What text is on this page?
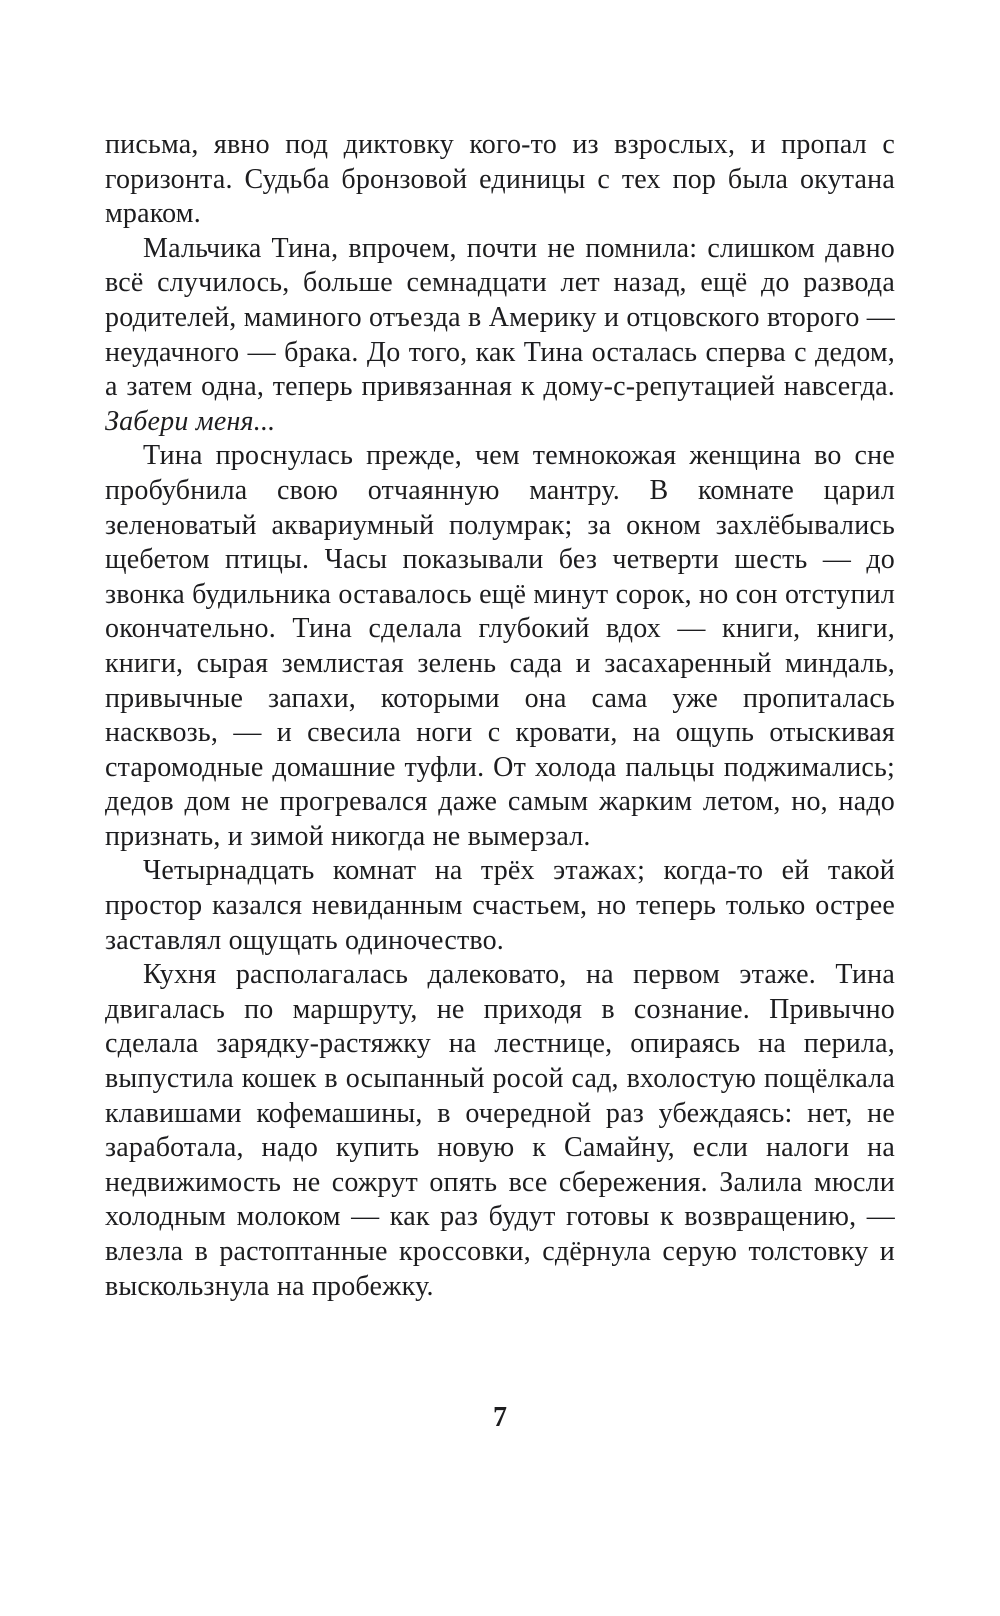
письма, явно под диктовку кого-то из взрослых, и пропал с горизонта. Судьба бронзовой единицы с тех пор была окутана мраком.

Мальчика Тина, впрочем, почти не помнила: слишком давно всё случилось, больше семнадцати лет назад, ещё до развода родителей, маминого отъезда в Америку и отцовского второго — неудачного — брака. До того, как Тина осталась сперва с дедом, а затем одна, теперь привязанная к дому-с-репутацией навсегда. Забери меня...

Тина проснулась прежде, чем темнокожая женщина во сне пробубнила свою отчаянную мантру. В комнате царил зеленоватый аквариумный полумрак; за окном захлёбывались щебетом птицы. Часы показывали без четверти шесть — до звонка будильника оставалось ещё минут сорок, но сон отступил окончательно. Тина сделала глубокий вдох — книги, книги, книги, сырая землистая зелень сада и засахаренный миндаль, привычные запахи, которыми она сама уже пропиталась насквозь, — и свесила ноги с кровати, на ощупь отыскивая старомодные домашние туфли. От холода пальцы поджимались; дедов дом не прогревался даже самым жарким летом, но, надо признать, и зимой никогда не вымерзал.

Четырнадцать комнат на трёх этажах; когда-то ей такой простор казался невиданным счастьем, но теперь только острее заставлял ощущать одиночество.

Кухня располагалась далековато, на первом этаже. Тина двигалась по маршруту, не приходя в сознание. Привычно сделала зарядку-растяжку на лестнице, опираясь на перила, выпустила кошек в осыпанный росой сад, вхолостую пощёлкала клавишами кофемашины, в очередной раз убеждаясь: нет, не заработала, надо купить новую к Самайну, если налоги на недвижимость не сожрут опять все сбережения. Залила мюсли холодным молоком — как раз будут готовы к возвращению, — влезла в растоптанные кроссовки, сдёрнула серую толстовку и выскользнула на пробежку.

7
